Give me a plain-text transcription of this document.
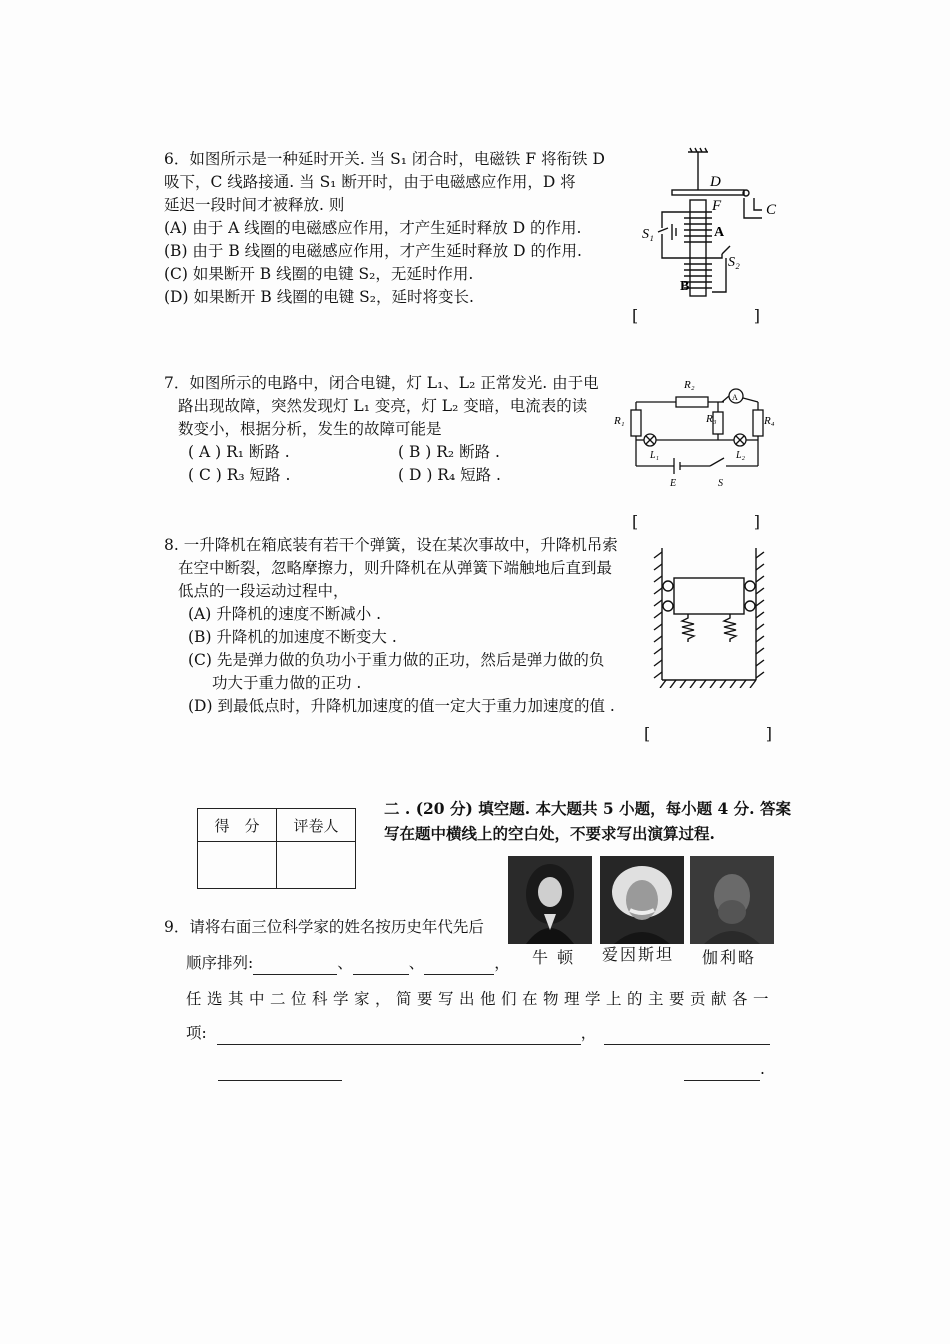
6．如图所示是一种延时开关. 当 S₁ 闭合时，电磁铁 F 将衔铁 D
吸下，C 线路接通. 当 S₁ 断开时，由于电磁感应作用，D 将
延迟一段时间才被释放. 则
(A) 由于 A 线圈的电磁感应作用，才产生延时释放 D 的作用.
(B) 由于 B 线圈的电磁感应作用，才产生延时释放 D 的作用.
(C) 如果断开 B 线圈的电键 S₂，无延时作用.
(D) 如果断开 B 线圈的电键 S₂，延时将变长.
[	]
D
F	C
A
B
S₁
S₂
7．如图所示的电路中，闭合电键，灯 L₁、L₂ 正常发光. 由于电
路出现故障，突然发现灯 L₁ 变亮，灯 L₂ 变暗，电流表的读
数变小，根据分析，发生的故障可能是
( A ) R₁ 断路 .	( B ) R₂ 断路 .
( C ) R₃ 短路 .	( D ) R₄ 短路 .
[	]
R₂
A
R₁	R₃	R₄
L₁	L₂
E	S
8. 一升降机在箱底装有若干个弹簧，设在某次事故中，升降机吊索
在空中断裂，忽略摩擦力，则升降机在从弹簧下端触地后直到最
低点的一段运动过程中，
(A) 升降机的速度不断减小 .
(B) 升降机的加速度不断变大 .
(C) 先是弹力做的负功小于重力做的正功，然后是弹力做的负
功大于重力做的正功 .
(D) 到最低点时，升降机加速度的值一定大于重力加速度的值 .
[	]
得　分	评卷人

二 . (20 分) 填空题. 本大题共 5 小题，每小题 4 分. 答案
写在题中横线上的空白处，不要求写出演算过程.
牛 顿 爱因斯坦 伽利略
9．请将右面三位科学家的姓名按历史年代先后
顺序排列:	、	、	，
任选其中二位科学家，简要写出他们在物理学上的主要贡献各一
项:	，
.
